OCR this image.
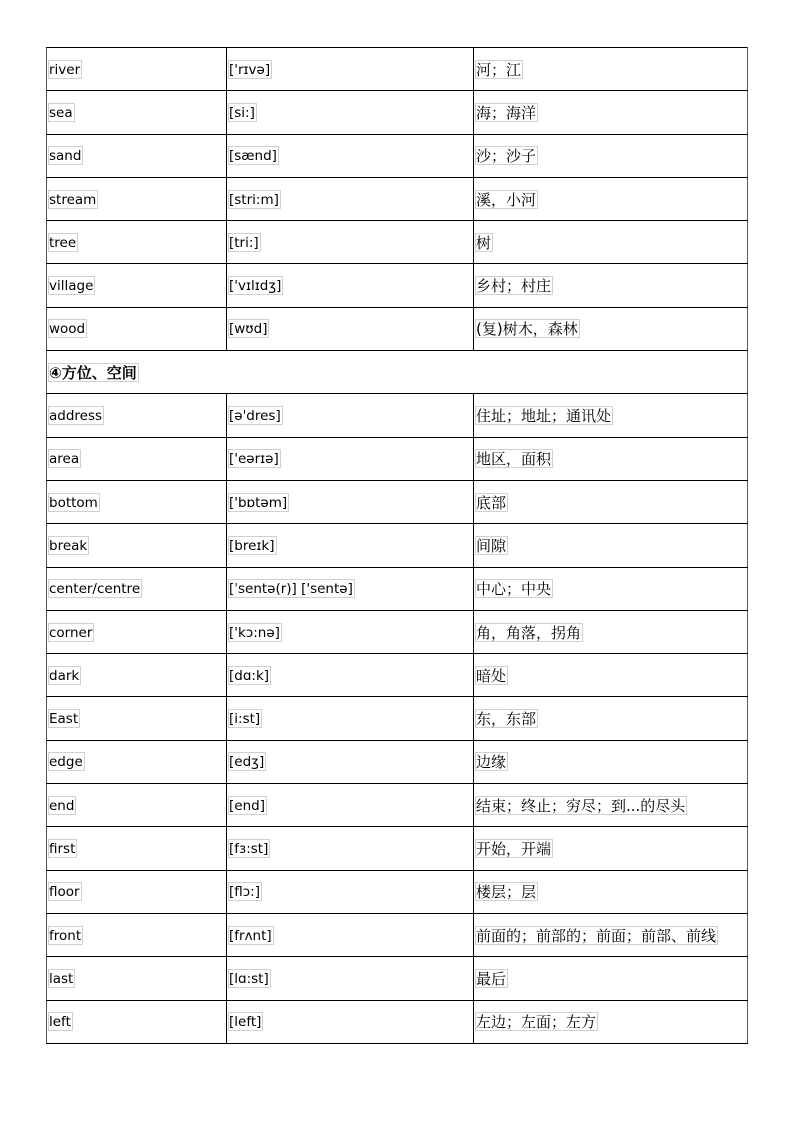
river	['rɪvə]	河；江
sea	[si:]	海；海洋
sand	[sænd]	沙；沙子
stream	[stri:m]	溪，小河
tree	[tri:]	树
village	['vɪlɪdʒ]	乡村；村庄
wood	[wʊd]	(复)树木，森林
④方位、空间		
address	[ə'dres]	住址；地址；通讯处
area	['eərɪə]	地区，面积
bottom	['bɒtəm]	底部
break	[breɪk]	间隙
center/centre	[ˈsentə(r)] ['sentə]	中心；中央
corner	['kɔ:nə]	角，角落，拐角
dark	[dɑ:k]	暗处
East	[i:st]	东，东部
edge	[edʒ]	边缘
end	[end]	结束；终止；穷尽；到...的尽头
first	[fɜ:st]	开始，开端
floor	[flɔ:]	楼层；层
front	[frʌnt]	前面的；前部的；前面；前部、前线
last	[lɑ:st]	最后
left	[left]	左边；左面；左方
